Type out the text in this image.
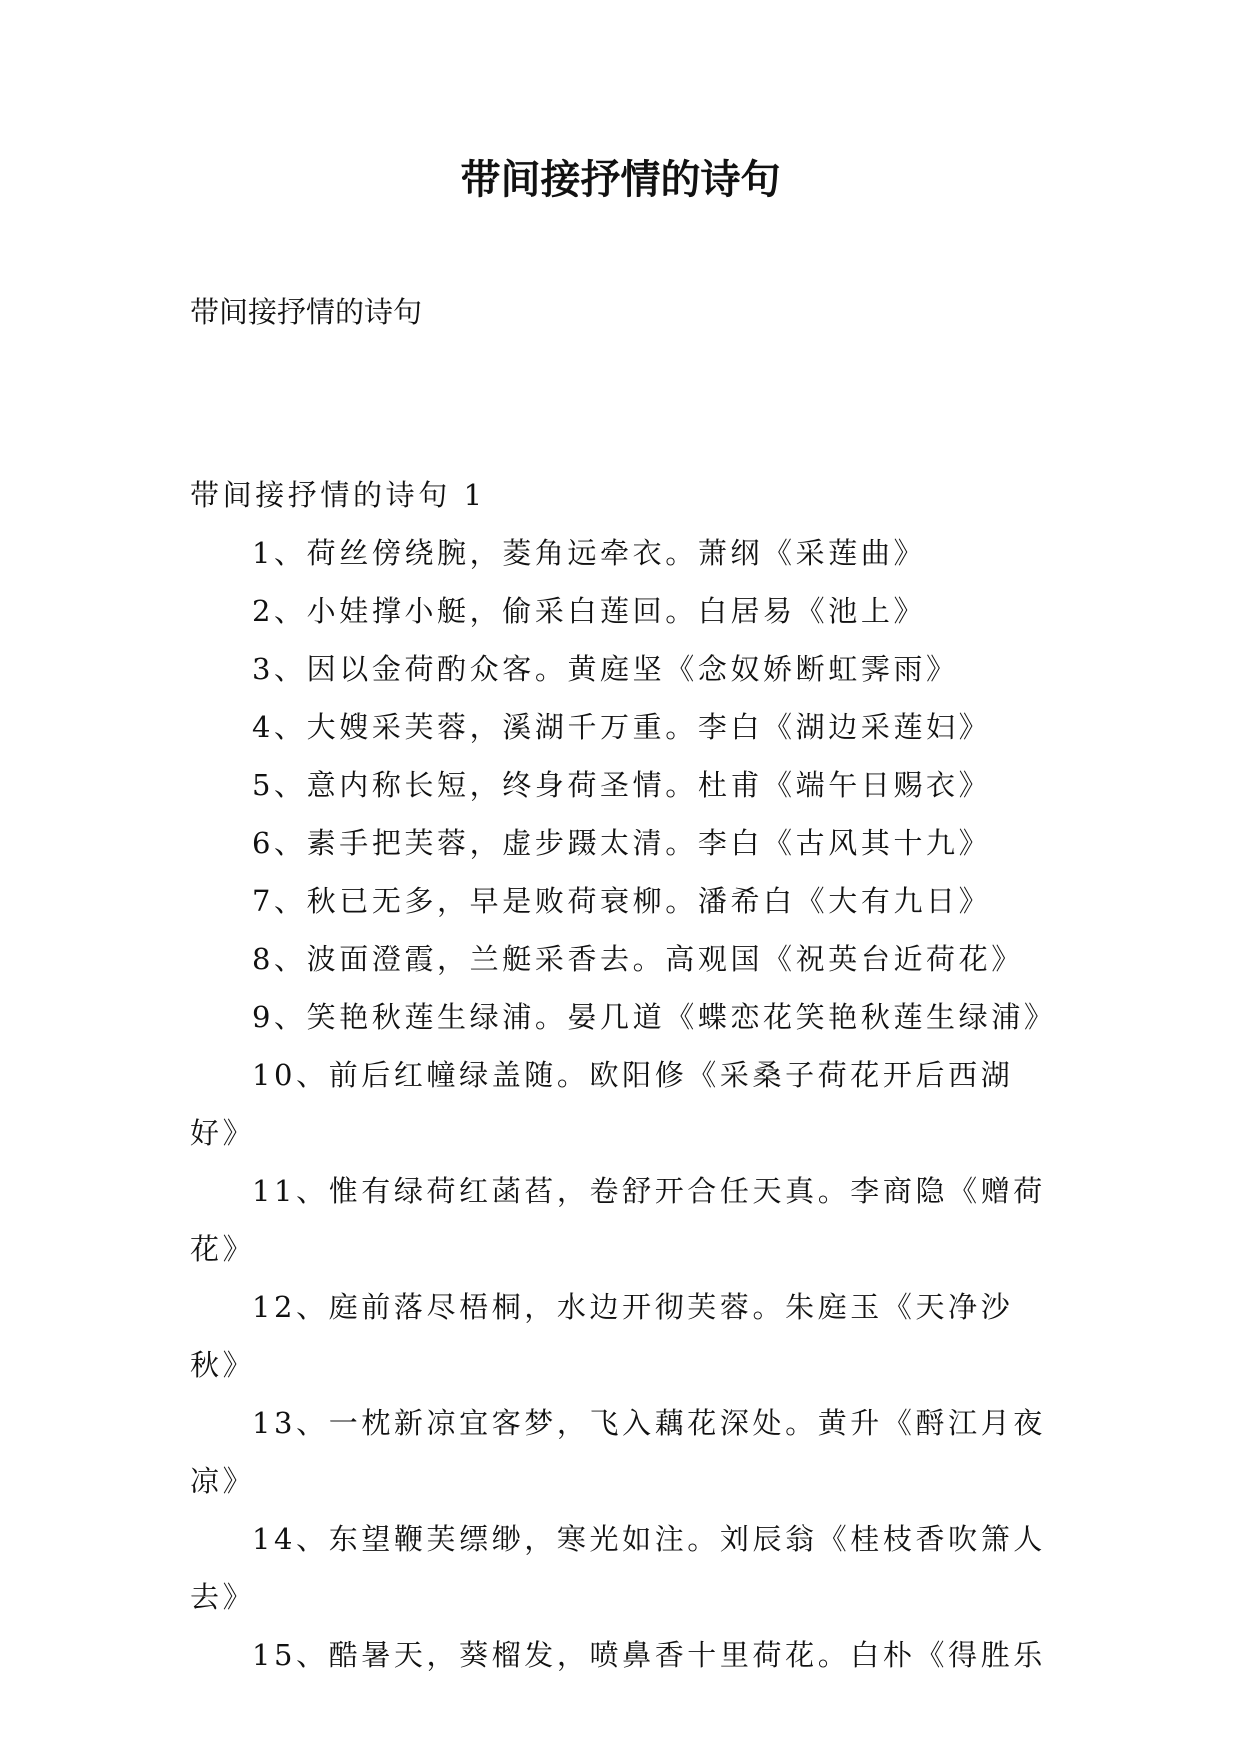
带间接抒情的诗句

带间接抒情的诗句

带间接抒情的诗句 1
1、荷丝傍绕腕，菱角远牵衣。萧纲《采莲曲》
2、小娃撑小艇，偷采白莲回。白居易《池上》
3、因以金荷酌众客。黄庭坚《念奴娇断虹霁雨》
4、大嫂采芙蓉，溪湖千万重。李白《湖边采莲妇》
5、意内称长短，终身荷圣情。杜甫《端午日赐衣》
6、素手把芙蓉，虚步蹑太清。李白《古风其十九》
7、秋已无多，早是败荷衰柳。潘希白《大有九日》
8、波面澄霞，兰艇采香去。高观国《祝英台近荷花》
9、笑艳秋莲生绿浦。晏几道《蝶恋花笑艳秋莲生绿浦》
10、前后红幢绿盖随。欧阳修《采桑子荷花开后西湖好》
11、惟有绿荷红菡萏，卷舒开合任天真。李商隐《赠荷花》
12、庭前落尽梧桐，水边开彻芙蓉。朱庭玉《天净沙秋》
13、一枕新凉宜客梦，飞入藕花深处。黄升《酹江月夜凉》
14、东望鞭芙缥缈，寒光如注。刘辰翁《桂枝香吹箫人去》
15、酷暑天，葵榴发，喷鼻香十里荷花。白朴《得胜乐
